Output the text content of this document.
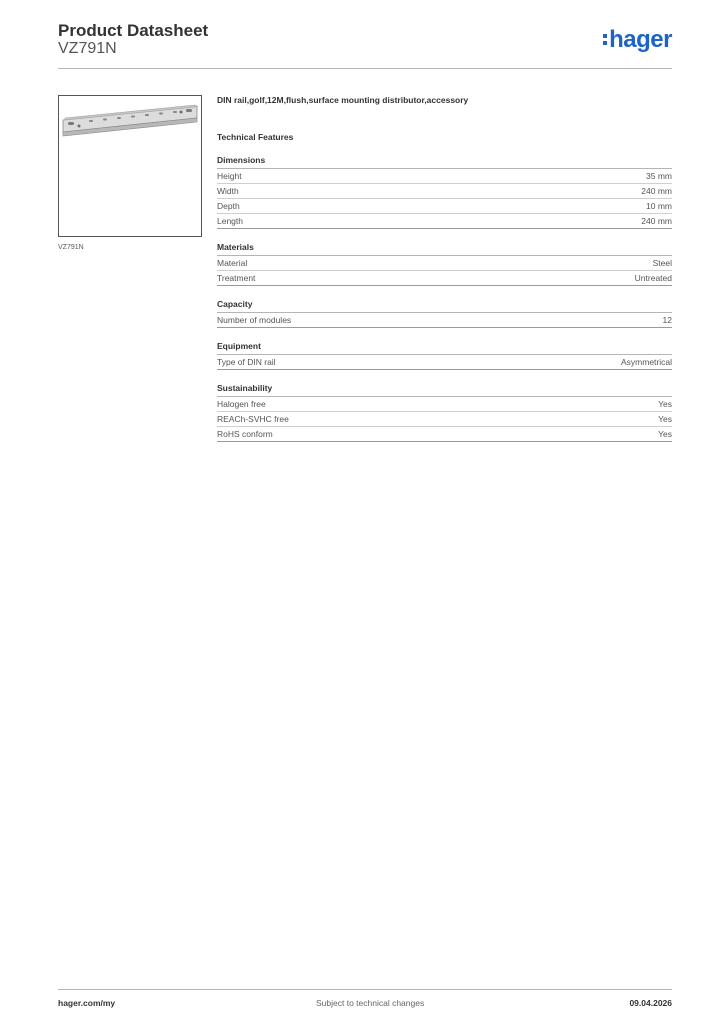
Product Datasheet
VZ791N	hager
VZ791N
DIN rail,golf,12M,flush,surface mounting distributor,accessory
Technical Features
Dimensions
Height	35 mm
Width	240 mm
Depth	10 mm
Length	240 mm
Materials
Material	Steel
Treatment	Untreated
Capacity
Number of modules	12
Equipment
Type of DIN rail	Asymmetrical
Sustainability
Halogen free	Yes
REACh-SVHC free	Yes
RoHS conform	Yes
hager.com/my	Subject to technical changes	09.04.2026
